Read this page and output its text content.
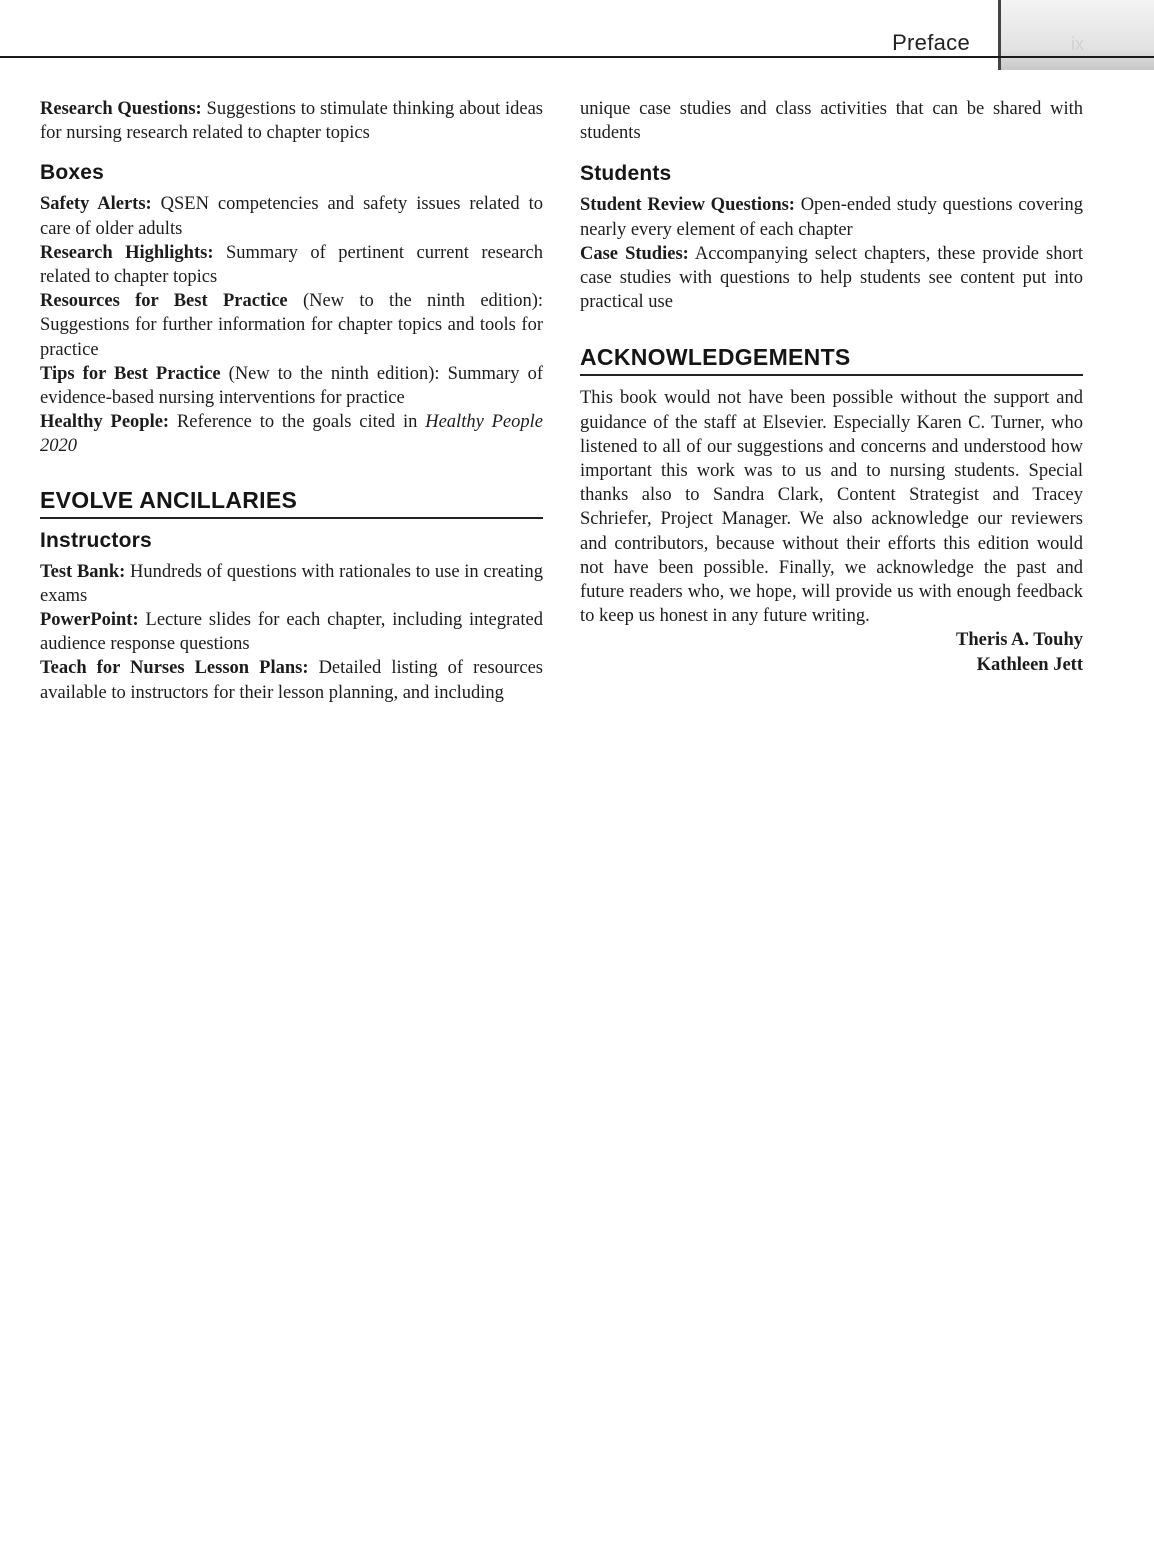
Preface	ix

Research Questions: Suggestions to stimulate thinking about ideas for nursing research related to chapter topics

Boxes

Safety Alerts: QSEN competencies and safety issues related to care of older adults

Research Highlights: Summary of pertinent current research related to chapter topics

Resources for Best Practice (New to the ninth edition): Suggestions for further information for chapter topics and tools for practice

Tips for Best Practice (New to the ninth edition): Summary of evidence-based nursing interventions for practice

Healthy People: Reference to the goals cited in Healthy People 2020

EVOLVE ANCILLARIES
Instructors

Test Bank: Hundreds of questions with rationales to use in creating exams

PowerPoint: Lecture slides for each chapter, including integrated audience response questions

Teach for Nurses Lesson Plans: Detailed listing of resources available to instructors for their lesson planning, and including

unique case studies and class activities that can be shared with students

Students

Student Review Questions: Open-ended study questions covering nearly every element of each chapter

Case Studies: Accompanying select chapters, these provide short case studies with questions to help students see content put into practical use

ACKNOWLEDGEMENTS

This book would not have been possible without the support and guidance of the staff at Elsevier. Especially Karen C. Turner, who listened to all of our suggestions and concerns and understood how important this work was to us and to nursing students. Special thanks also to Sandra Clark, Content Strategist and Tracey Schriefer, Project Manager. We also acknowledge our reviewers and contributors, because without their efforts this edition would not have been possible. Finally, we acknowledge the past and future readers who, we hope, will provide us with enough feedback to keep us honest in any future writing.

Theris A. Touhy

Kathleen Jett
